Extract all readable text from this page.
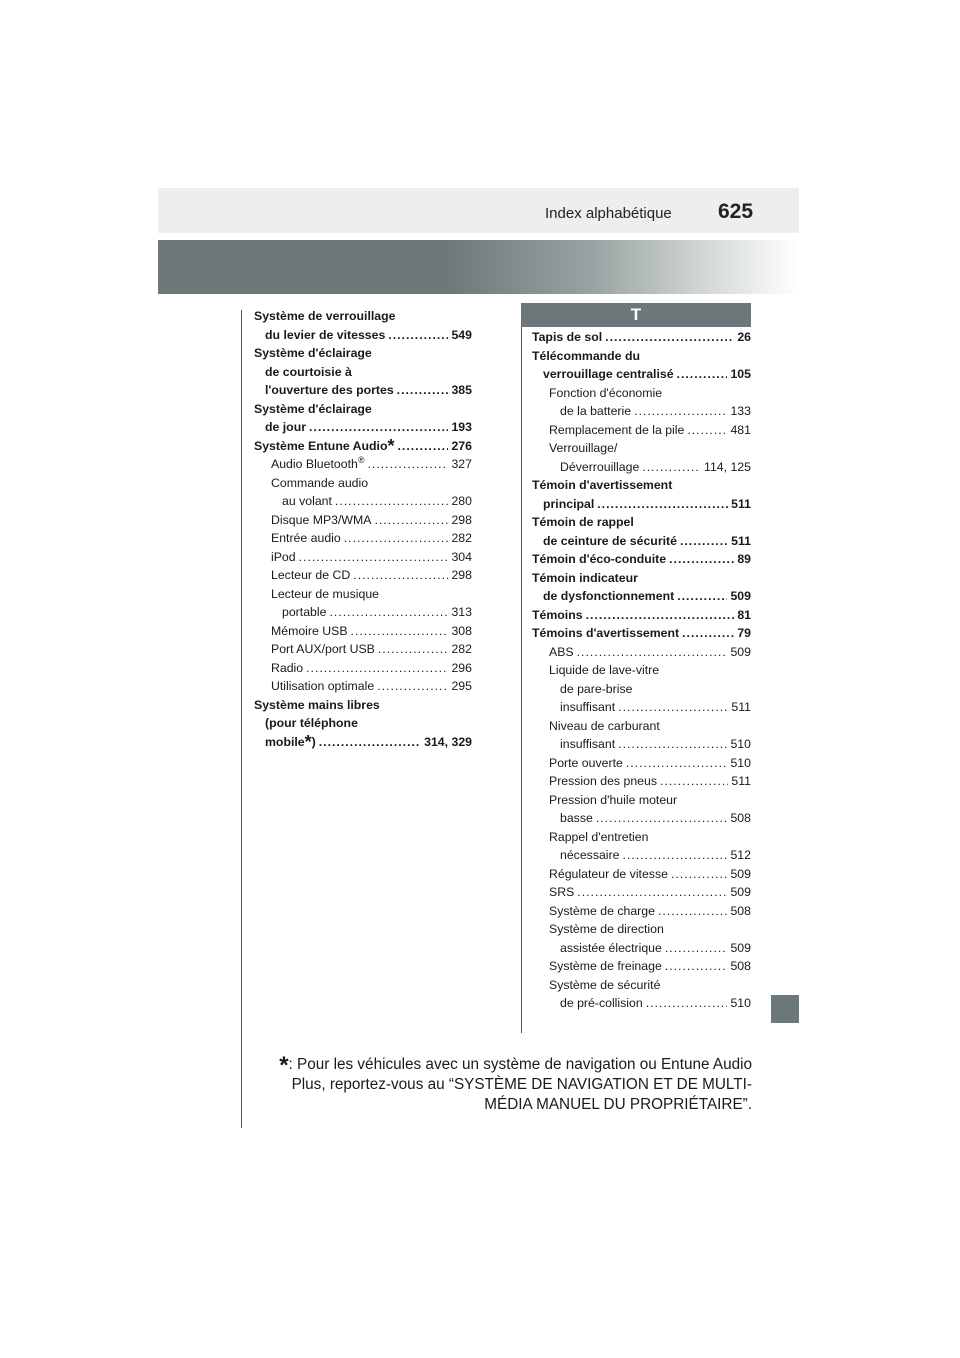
Index alphabétique 625
T
Système de verrouillage
du levier de vitesses .....	549
Système d'éclairage
de courtoisie à
l'ouverture des portes .....	385
Système d'éclairage
de jour .....	193
Système Entune Audio* .....	276
Audio Bluetooth® .....	327
Commande audio
au volant .....	280
Disque MP3/WMA .....	298
Entrée audio .....	282
iPod .....	304
Lecteur de CD .....	298
Lecteur de musique
portable .....	313
Mémoire USB .....	308
Port AUX/port USB .....	282
Radio .....	296
Utilisation optimale .....	295
Système mains libres
(pour téléphone
mobile*) .....	314, 329
Tapis de sol .....	26
Télécommande du
verrouillage centralisé .....	105
Fonction d'économie
de la batterie .....	133
Remplacement de la pile .....	481
Verrouillage/
Déverrouillage .....	114, 125
Témoin d'avertissement
principal .....	511
Témoin de rappel
de ceinture de sécurité .....	511
Témoin d'éco-conduite .....	89
Témoin indicateur
de dysfonctionnement .....	509
Témoins .....	81
Témoins d'avertissement .....	79
ABS .....	509
Liquide de lave-vitre
de pare-brise
insuffisant .....	511
Niveau de carburant
insuffisant .....	510
Porte ouverte .....	510
Pression des pneus .....	511
Pression d'huile moteur
basse .....	508
Rappel d'entretien
nécessaire .....	512
Régulateur de vitesse .....	509
SRS .....	509
Système de charge .....	508
Système de direction
assistée électrique .....	509
Système de freinage .....	508
Système de sécurité
de pré-collision .....	510
*: Pour les véhicules avec un système de navigation ou Entune Audio Plus, reportez-vous au “SYSTÈME DE NAVIGATION ET DE MULTI-MÉDIA MANUEL DU PROPRIÉTAIRE”.
